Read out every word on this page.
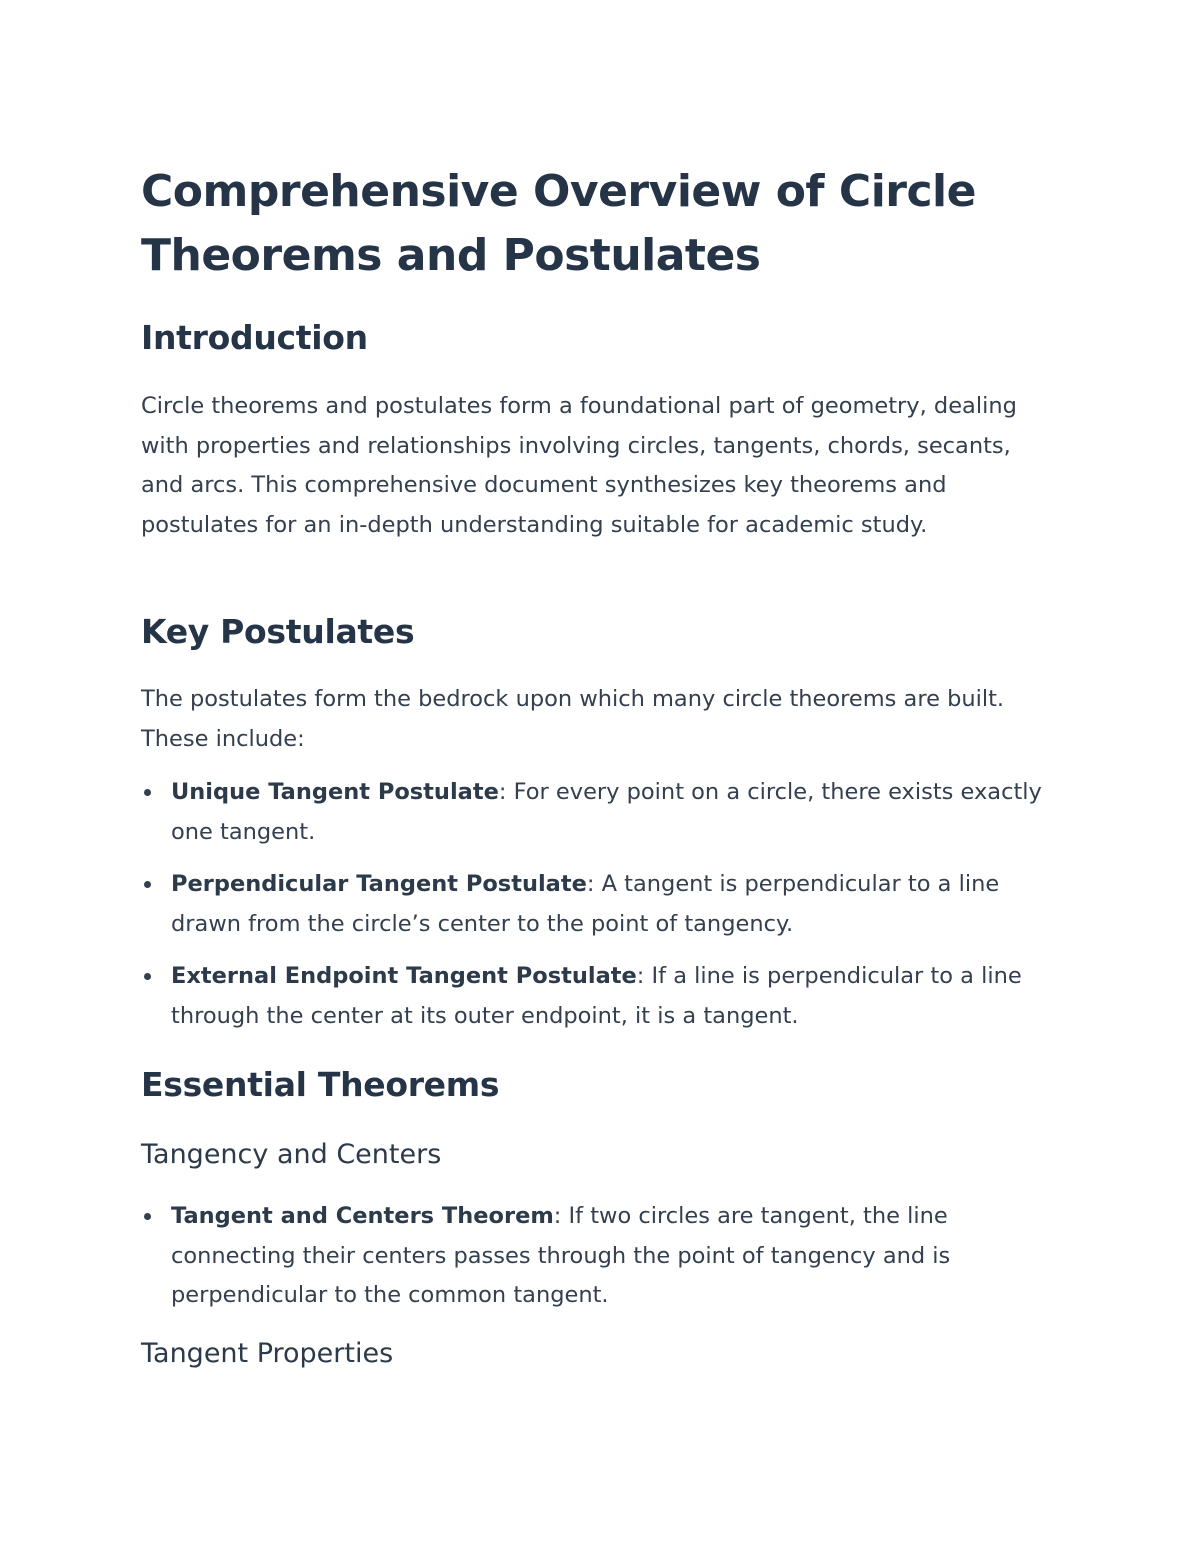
Comprehensive Overview of Circle Theorems and Postulates
Introduction

Circle theorems and postulates form a foundational part of geometry, dealing with properties and relationships involving circles, tangents, chords, secants, and arcs. This comprehensive document synthesizes key theorems and postulates for an in-depth understanding suitable for academic study.

Key Postulates

The postulates form the bedrock upon which many circle theorems are built. These include:

Unique Tangent Postulate: For every point on a circle, there exists exactly one tangent.
Perpendicular Tangent Postulate: A tangent is perpendicular to a line drawn from the circle’s center to the point of tangency.
External Endpoint Tangent Postulate: If a line is perpendicular to a line through the center at its outer endpoint, it is a tangent.
Essential Theorems
Tangency and Centers
Tangent and Centers Theorem: If two circles are tangent, the line connecting their centers passes through the point of tangency and is perpendicular to the common tangent.
Tangent Properties
